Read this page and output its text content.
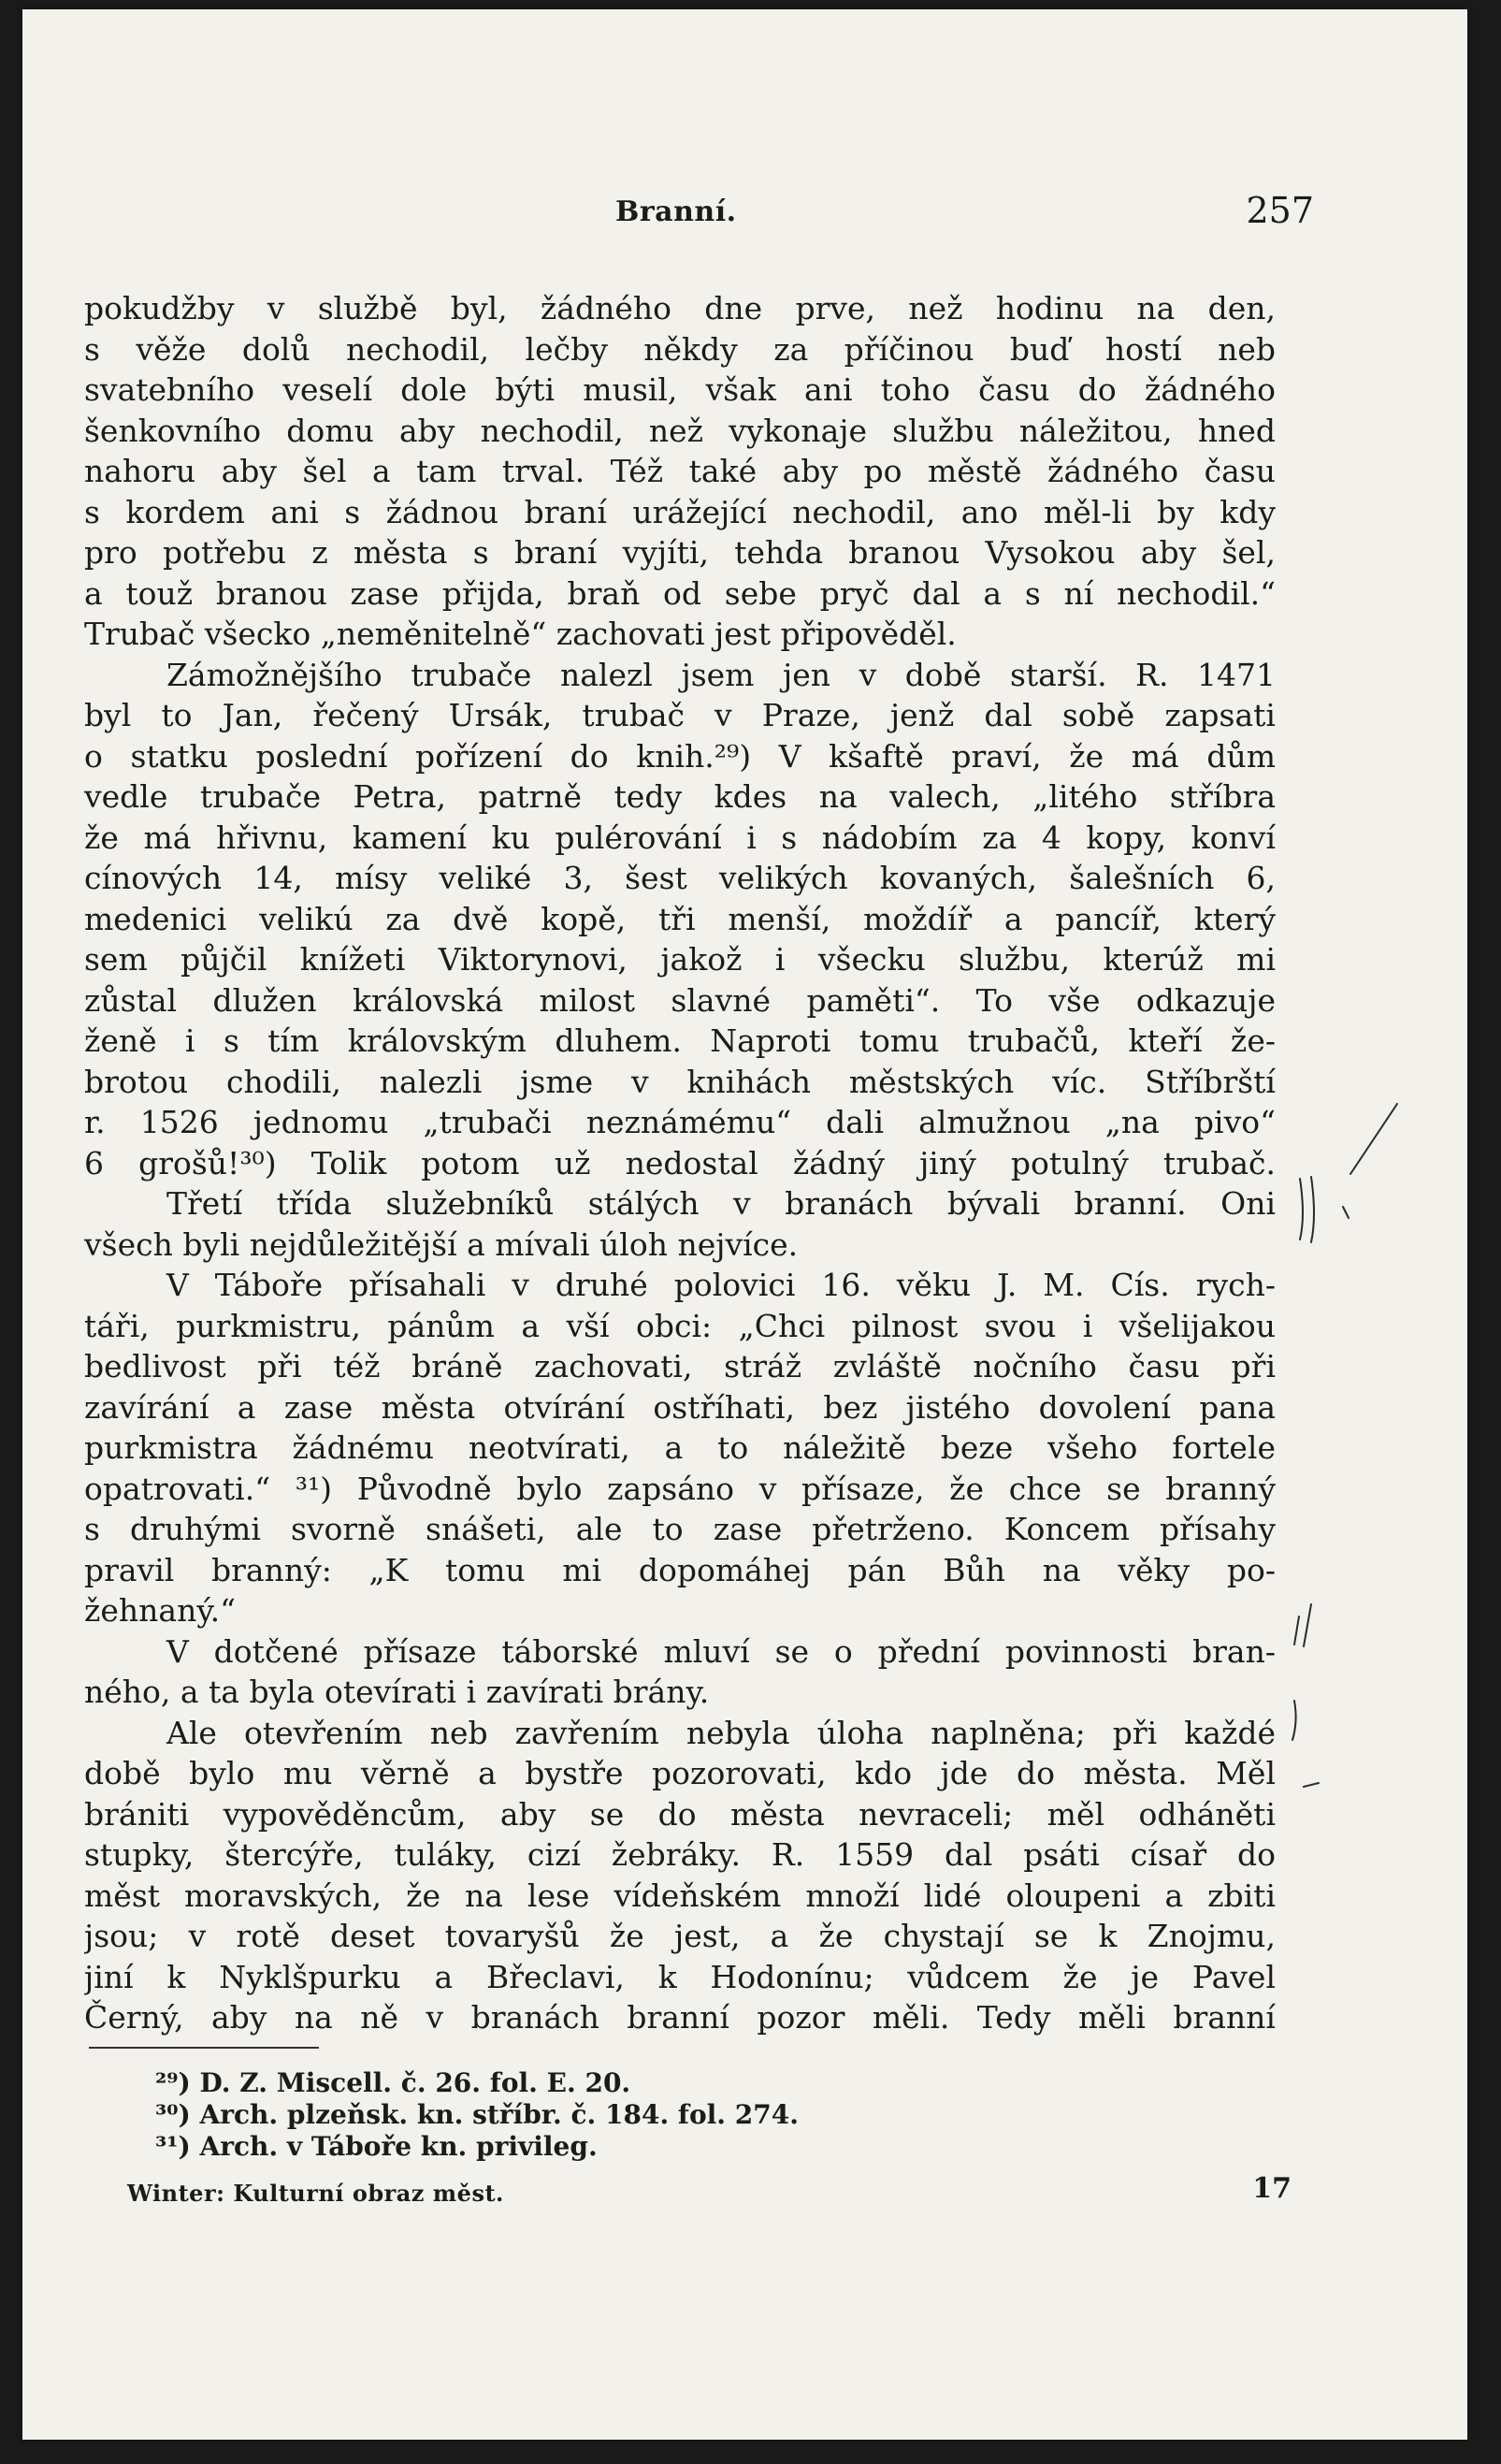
Branní.	257
pokudžby v službě byl, žádného dne prve, než hodinu na den,
s věže dolů nechodil, lečby někdy za příčinou buď hostí neb
svatebního veselí dole býti musil, však ani toho času do žádného
šenkovního domu aby nechodil, než vykonaje službu náležitou, hned
nahoru aby šel a tam trval. Též také aby po městě žádného času
s kordem ani s žádnou braní urážející nechodil, ano měl-li by kdy
pro potřebu z města s braní vyjíti, tehda branou Vysokou aby šel,
a touž branou zase přijda, braň od sebe pryč dal a s ní nechodil.“
Trubač všecko „neměnitelně“ zachovati jest připověděl.
Zámožnějšího trubače nalezl jsem jen v době starší. R. 1471
byl to Jan, řečený Ursák, trubač v Praze, jenž dal sobě zapsati
o statku poslední pořízení do knih.²⁹) V kšaftě praví, že má dům
vedle trubače Petra, patrně tedy kdes na valech, „litého stříbra
že má hřivnu, kamení ku pulérování i s nádobím za 4 kopy, konví
cínových 14, mísy veliké 3, šest velikých kovaných, šalešních 6,
medenici velikú za dvě kopě, tři menší, moždíř a pancíř, který
sem půjčil knížeti Viktorynovi, jakož i všecku službu, kterúž mi
zůstal dlužen královská milost slavné paměti“. To vše odkazuje
ženě i s tím královským dluhem. Naproti tomu trubačů, kteří že-
brotou chodili, nalezli jsme v knihách městských víc. Stříbrští
r. 1526 jednomu „trubači neznámému“ dali almužnou „na pivo“
6 grošů!³⁰) Tolik potom už nedostal žádný jiný potulný trubač.
Třetí třída služebníků stálých v branách bývali branní. Oni
všech byli nejdůležitější a mívali úloh nejvíce.
V Táboře přísahali v druhé polovici 16. věku J. M. Cís. rych-
táři, purkmistru, pánům a vší obci: „Chci pilnost svou i všelijakou
bedlivost při též bráně zachovati, stráž zvláště nočního času při
zavírání a zase města otvírání ostříhati, bez jistého dovolení pana
purkmistra žádnému neotvírati, a to náležitě beze všeho fortele
opatrovati.“ ³¹) Původně bylo zapsáno v přísaze, že chce se branný
s druhými svorně snášeti, ale to zase přetrženo. Koncem přísahy
pravil branný: „K tomu mi dopomáhej pán Bůh na věky po-
žehnaný.“
V dotčené přísaze táborské mluví se o přední povinnosti bran-
ného, a ta byla otevírati i zavírati brány.
Ale otevřením neb zavřením nebyla úloha naplněna; při každé
době bylo mu věrně a bystře pozorovati, kdo jde do města. Měl
brániti vypověděncům, aby se do města nevraceli; měl odháněti
stupky, štercýře, tuláky, cizí žebráky. R. 1559 dal psáti císař do
měst moravských, že na lese vídeňském množí lidé oloupeni a zbiti
jsou; v rotě deset tovaryšů že jest, a že chystají se k Znojmu,
jiní k Nyklšpurku a Břeclavi, k Hodonínu; vůdcem že je Pavel
Černý, aby na ně v branách branní pozor měli. Tedy měli branní
²⁹) D. Z. Miscell. č. 26. fol. E. 20.
³⁰) Arch. plzeňsk. kn. stříbr. č. 184. fol. 274.
³¹) Arch. v Táboře kn. privileg.
Winter: Kulturní obraz měst.	17
